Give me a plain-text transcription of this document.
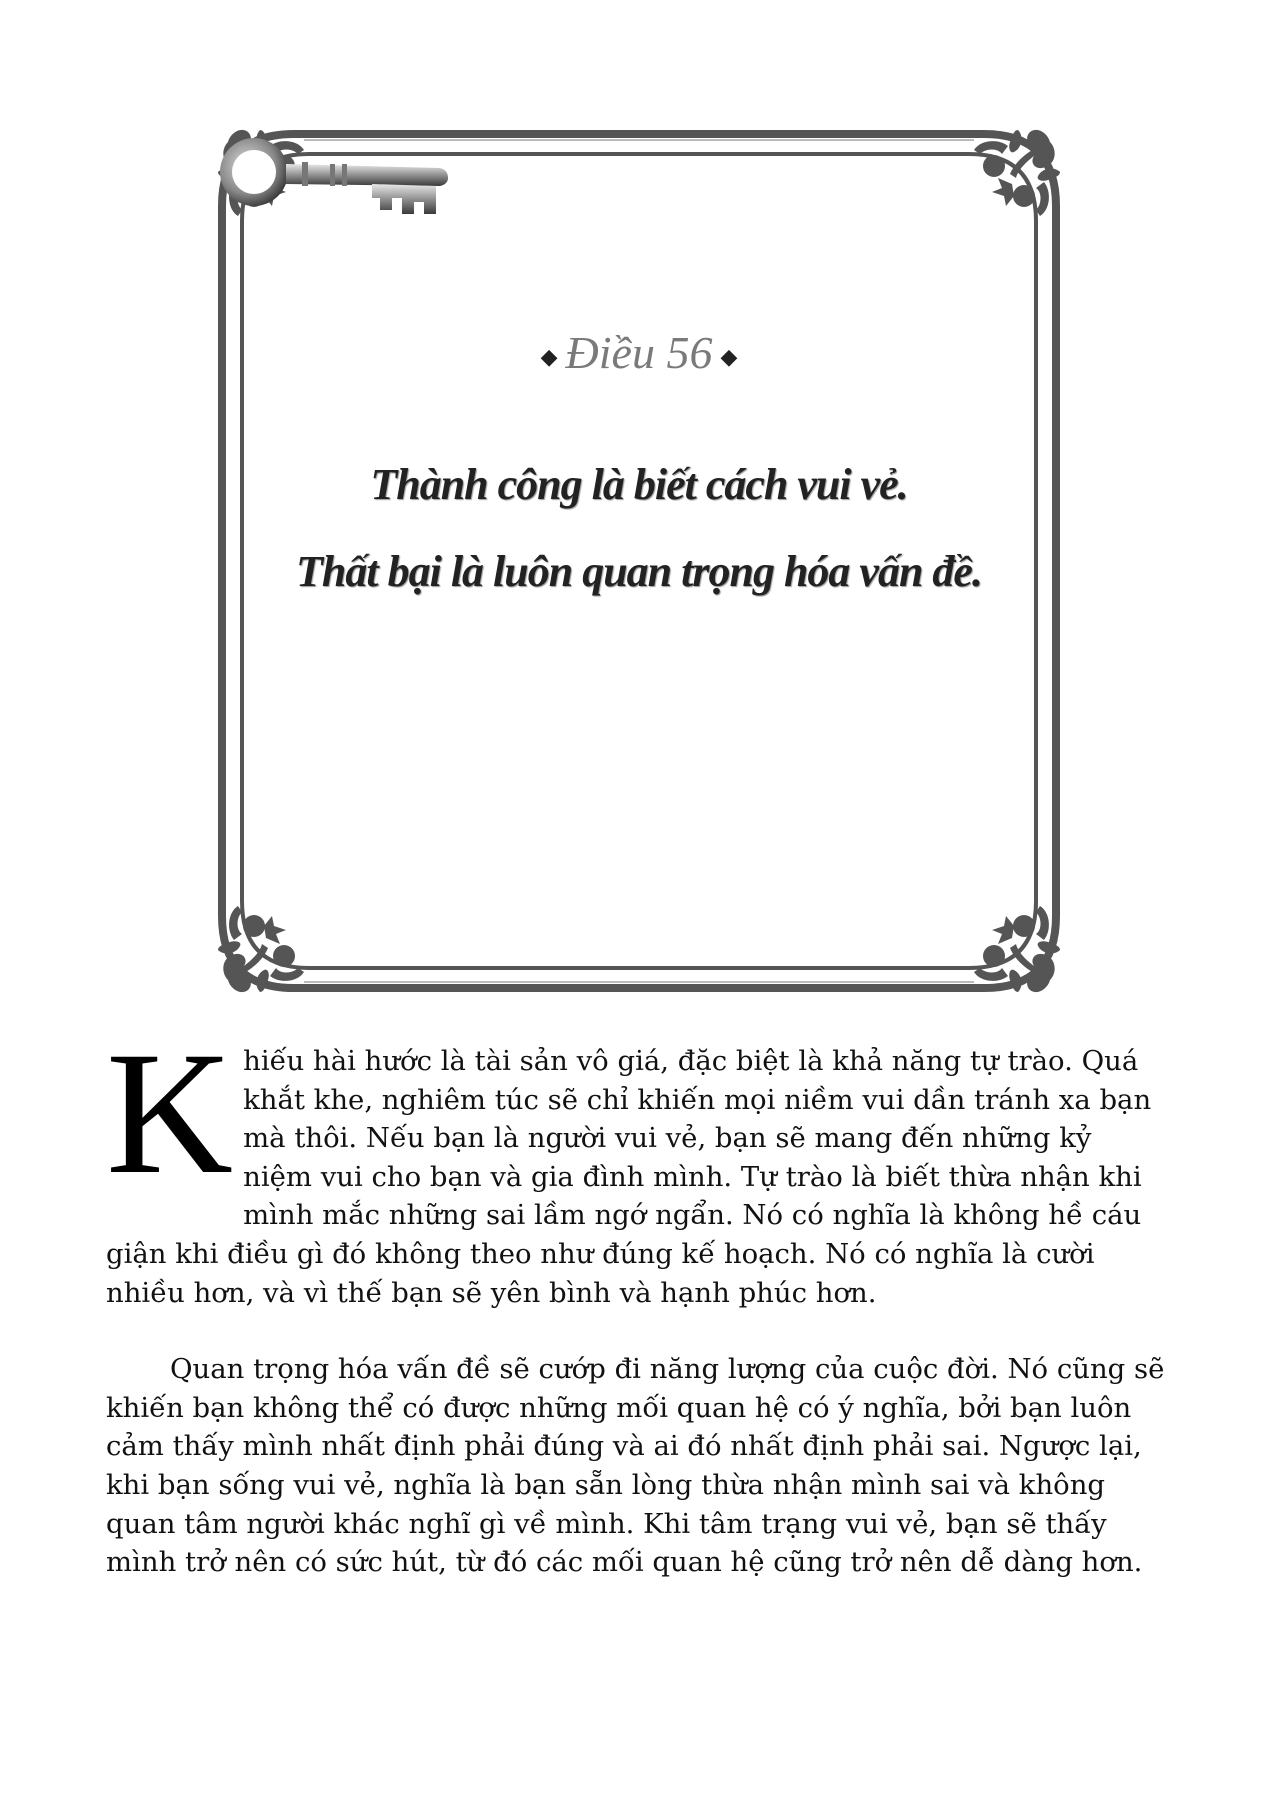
◆ Điều 56 ◆
Thành công là biết cách vui vẻ.
Thất bại là luôn quan trọng hóa vấn đề.

Khiếu hài hước là tài sản vô giá, đặc biệt là khả năng tự trào. Quá khắt khe, nghiêm túc sẽ chỉ khiến mọi niềm vui dần tránh xa bạn mà thôi. Nếu bạn là người vui vẻ, bạn sẽ mang đến những kỷ niệm vui cho bạn và gia đình mình. Tự trào là biết thừa nhận khi mình mắc những sai lầm ngớ ngẩn. Nó có nghĩa là không hề cáu giận khi điều gì đó không theo như đúng kế hoạch. Nó có nghĩa là cười nhiều hơn, và vì thế bạn sẽ yên bình và hạnh phúc hơn.

Quan trọng hóa vấn đề sẽ cướp đi năng lượng của cuộc đời. Nó cũng sẽ khiến bạn không thể có được những mối quan hệ có ý nghĩa, bởi bạn luôn cảm thấy mình nhất định phải đúng và ai đó nhất định phải sai. Ngược lại, khi bạn sống vui vẻ, nghĩa là bạn sẵn lòng thừa nhận mình sai và không quan tâm người khác nghĩ gì về mình. Khi tâm trạng vui vẻ, bạn sẽ thấy mình trở nên có sức hút, từ đó các mối quan hệ cũng trở nên dễ dàng hơn.
